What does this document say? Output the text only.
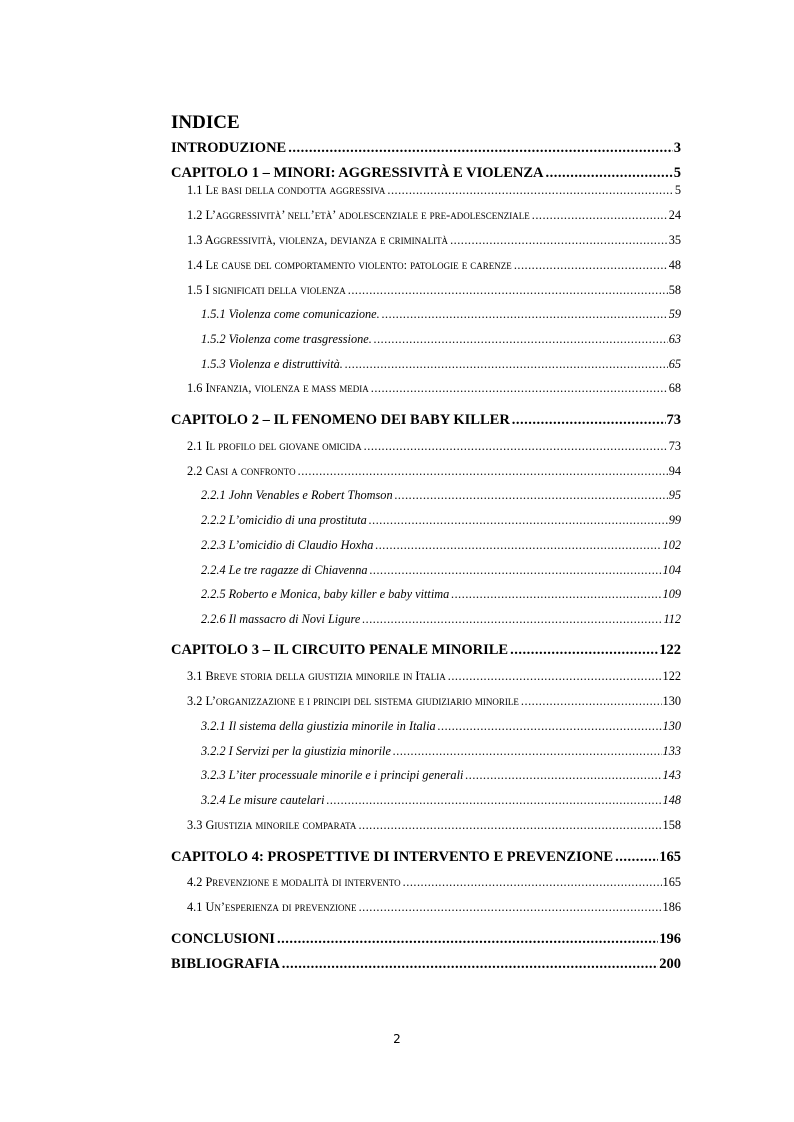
INDICE
INTRODUZIONE .....	3
CAPITOLO 1 – MINORI: AGGRESSIVITÀ E VIOLENZA .....	5
1.1 Le basi della condotta aggressiva .....	5
1.2 L’aggressività’ nell’età’ adolescenziale e pre-adolescenziale .....	24
1.3 Aggressività, violenza, devianza e criminalità .....	35
1.4 Le cause del comportamento violento: patologie e carenze .....	48
1.5 I significati della violenza .....	58
1.5.1 Violenza come comunicazione. .....	59
1.5.2 Violenza come trasgressione. .....	63
1.5.3 Violenza e distruttività. .....	65
1.6 Infanzia, violenza e mass media .....	68
CAPITOLO 2 – IL FENOMENO DEI BABY KILLER .....	73
2.1 Il profilo del giovane omicida .....	73
2.2 Casi a confronto .....	94
2.2.1 John Venables e Robert Thomson .....	95
2.2.2 L’omicidio di una prostituta .....	99
2.2.3 L’omicidio di Claudio Hoxha .....	102
2.2.4 Le tre ragazze di Chiavenna .....	104
2.2.5 Roberto e Monica, baby killer e baby vittima .....	109
2.2.6 Il massacro di Novi Ligure .....	112
CAPITOLO 3 – IL CIRCUITO PENALE MINORILE .....	122
3.1 Breve storia della giustizia minorile in Italia .....	122
3.2 L’organizzazione e i principi del sistema giudiziario minorile .....	130
3.2.1 Il sistema della giustizia minorile in Italia .....	130
3.2.2 I Servizi per la giustizia minorile .....	133
3.2.3 L’iter processuale minorile e i principi generali .....	143
3.2.4 Le misure cautelari .....	148
3.3 Giustizia minorile comparata .....	158
CAPITOLO 4: PROSPETTIVE DI INTERVENTO E PREVENZIONE .....	165
4.2 Prevenzione e modalità di intervento .....	165
4.1 Un’esperienza di prevenzione .....	186
CONCLUSIONI .....	196
BIBLIOGRAFIA .....	200
2
